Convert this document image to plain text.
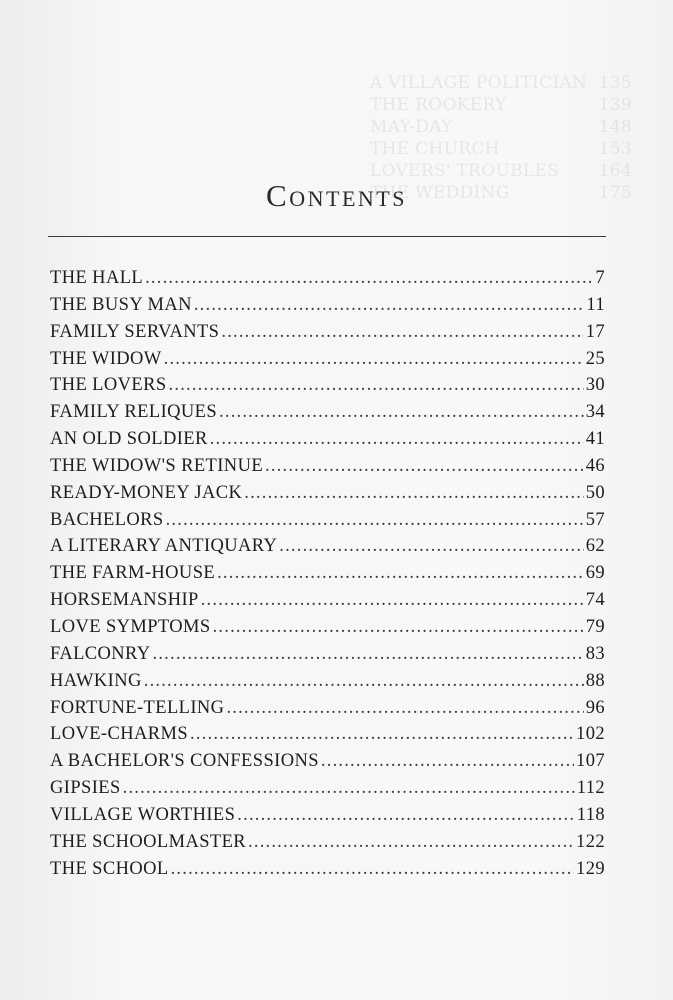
A VILLAGE POLITICIAN 135
THE ROOKERY	139
MAY-DAY	148
THE CHURCH	153
LOVERS' TROUBLES 164
THE WEDDING	175
Contents
THE HALL .....	7
THE BUSY MAN .....	11
FAMILY SERVANTS .....	17
THE WIDOW .....	25
THE LOVERS .....	30
FAMILY RELIQUES .....	34
AN OLD SOLDIER .....	41
THE WIDOW'S RETINUE .....	46
READY-MONEY JACK .....	50
BACHELORS .....	57
A LITERARY ANTIQUARY .....	62
THE FARM-HOUSE .....	69
HORSEMANSHIP .....	74
LOVE SYMPTOMS .....	79
FALCONRY .....	83
HAWKING .....	88
FORTUNE-TELLING .....	96
LOVE-CHARMS .....	102
A BACHELOR'S CONFESSIONS .....	107
GIPSIES .....	112
VILLAGE WORTHIES .....	118
THE SCHOOLMASTER .....	122
THE SCHOOL .....	129
